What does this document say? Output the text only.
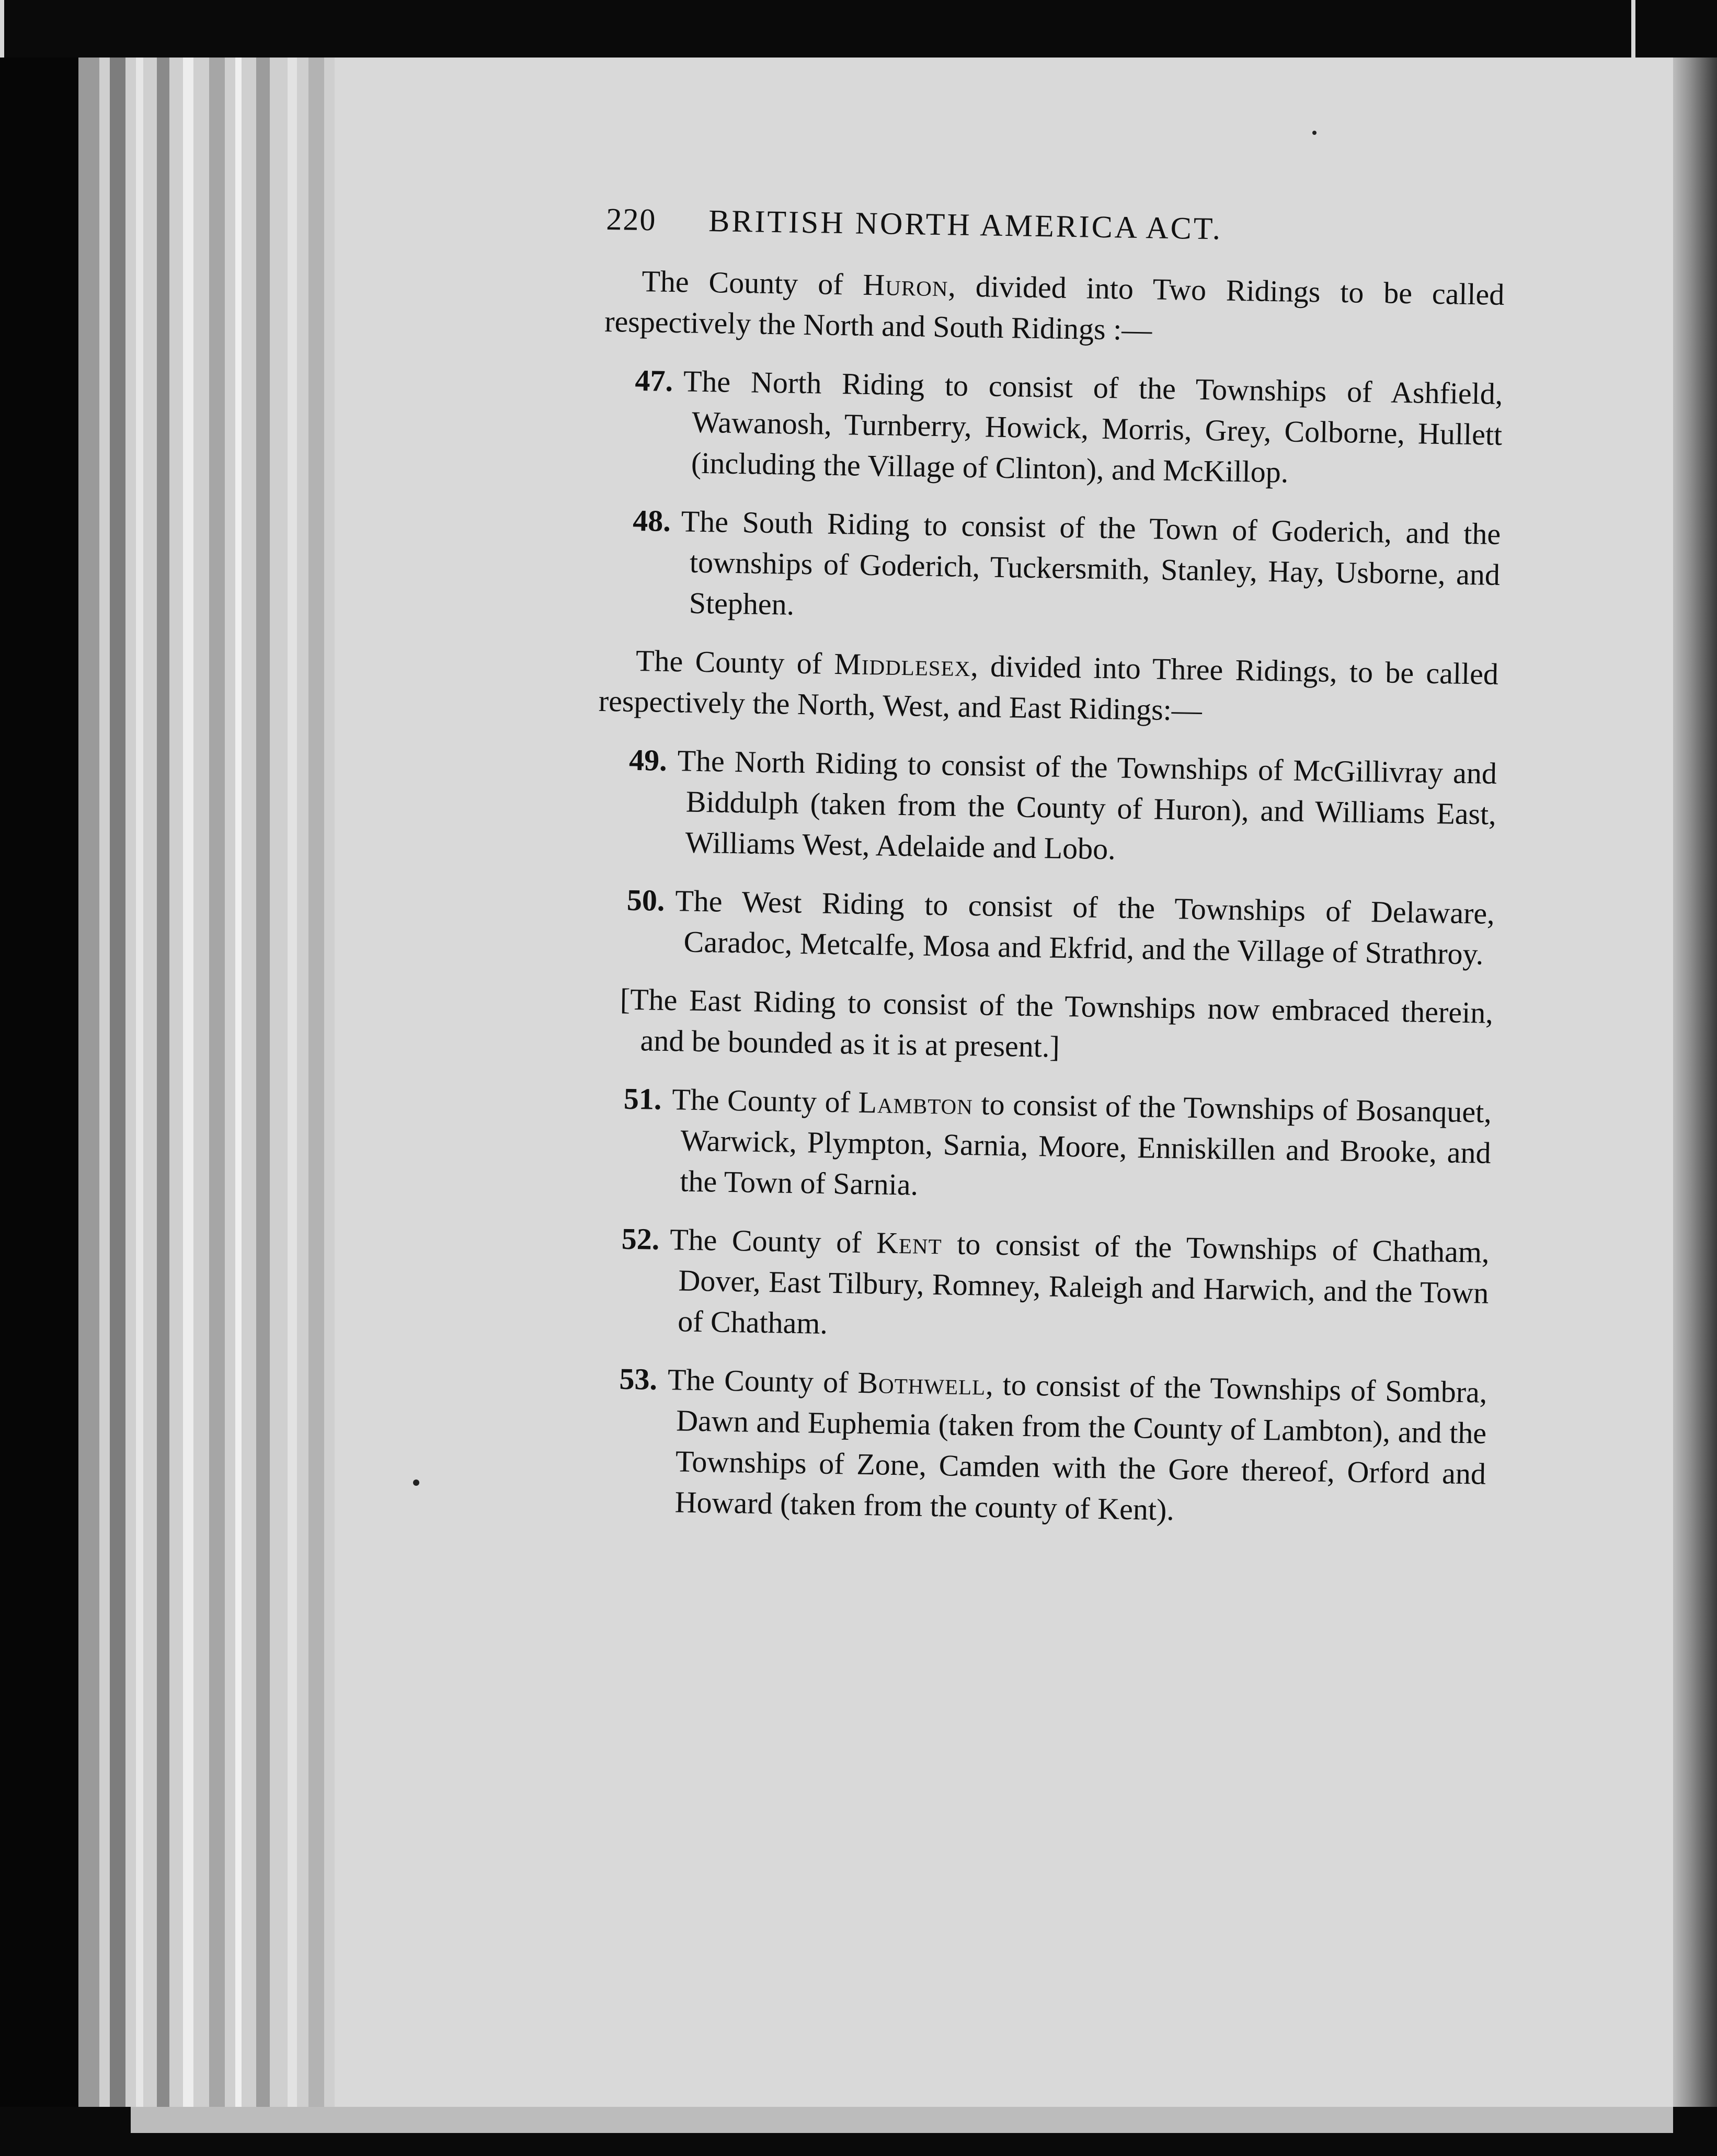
220 BRITISH NORTH AMERICA ACT.

The County of Huron, divided into Two Ridings to be called respectively the North and South Ridings :—

47. The North Riding to consist of the Townships of Ashfield, Wawanosh, Turnberry, Howick, Morris, Grey, Colborne, Hullett (including the Village of Clinton), and McKillop.

48. The South Riding to consist of the Town of Goderich, and the townships of Goderich, Tuckersmith, Stanley, Hay, Usborne, and Stephen.

The County of Middlesex, divided into Three Ridings, to be called respectively the North, West, and East Ridings:—

49. The North Riding to consist of the Townships of McGillivray and Biddulph (taken from the County of Huron), and Williams East, Williams West, Adelaide and Lobo.

50. The West Riding to consist of the Townships of Delaware, Caradoc, Metcalfe, Mosa and Ekfrid, and the Village of Strathroy.

[The East Riding to consist of the Townships now embraced therein, and be bounded as it is at present.]

51. The County of Lambton to consist of the Townships of Bosanquet, Warwick, Plympton, Sarnia, Moore, Enniskillen and Brooke, and the Town of Sarnia.

52. The County of Kent to consist of the Townships of Chatham, Dover, East Tilbury, Romney, Raleigh and Harwich, and the Town of Chatham.

53. The County of Bothwell, to consist of the Townships of Sombra, Dawn and Euphemia (taken from the County of Lambton), and the Townships of Zone, Camden with the Gore thereof, Orford and Howard (taken from the county of Kent).
